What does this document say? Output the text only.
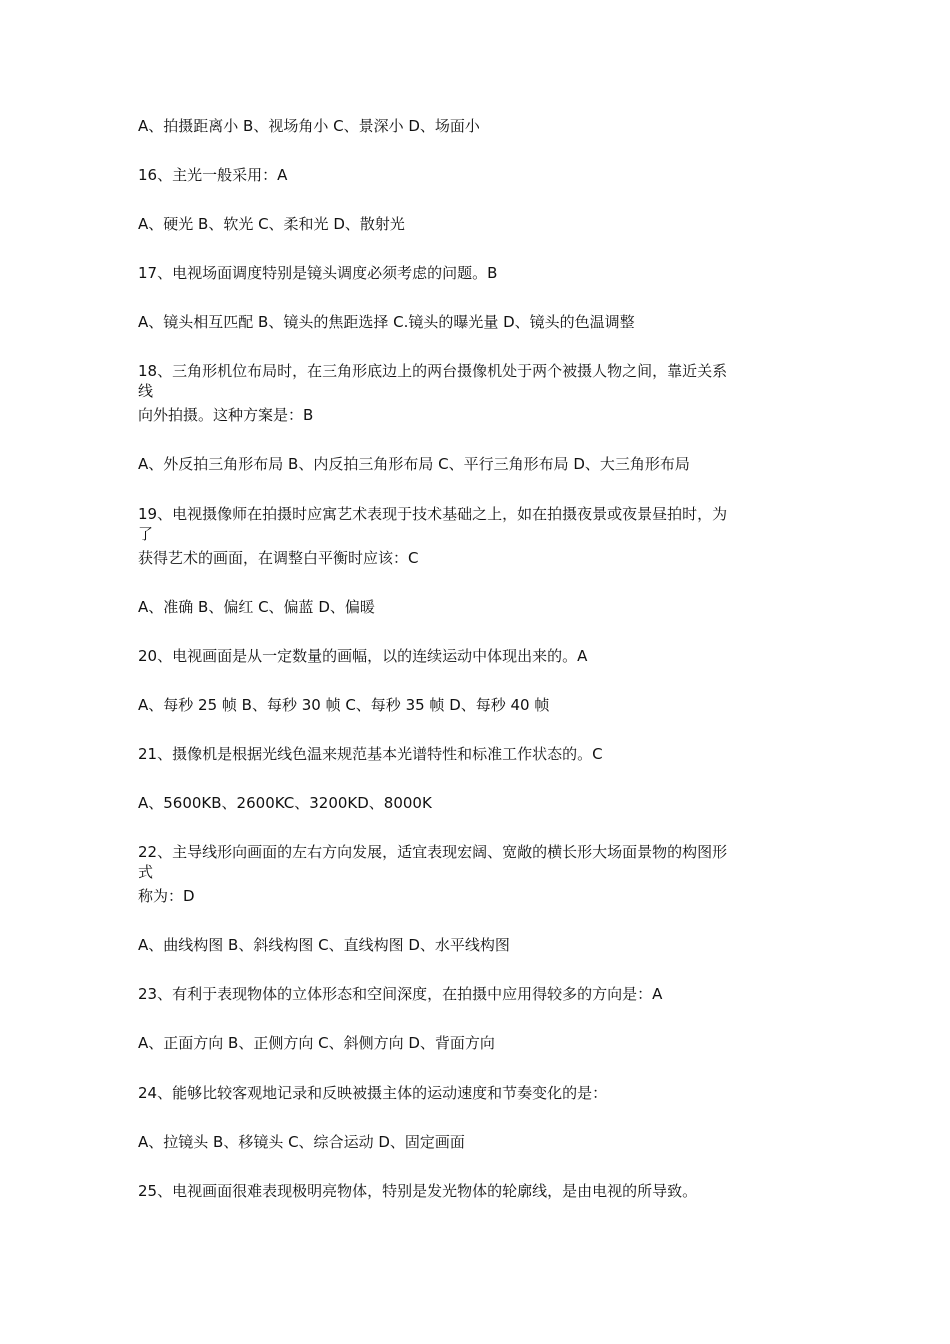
A、拍摄距离小 B、视场角小 C、景深小 D、场面小
16、主光一般采用：A
A、硬光 B、软光 C、柔和光 D、散射光
17、电视场面调度特别是镜头调度必须考虑的问题。B
A、镜头相互匹配 B、镜头的焦距选择 C.镜头的曝光量 D、镜头的色温调整
18、三角形机位布局时，在三角形底边上的两台摄像机处于两个被摄人物之间，靠近关系
线
向外拍摄。这种方案是：B
A、外反拍三角形布局 B、内反拍三角形布局 C、平行三角形布局 D、大三角形布局
19、电视摄像师在拍摄时应寓艺术表现于技术基础之上，如在拍摄夜景或夜景昼拍时，为
了
获得艺术的画面，在调整白平衡时应该：C
A、准确 B、偏红 C、偏蓝 D、偏暖
20、电视画面是从一定数量的画幅，以的连续运动中体现出来的。A
A、每秒 25 帧 B、每秒 30 帧 C、每秒 35 帧 D、每秒 40 帧
21、摄像机是根据光线色温来规范基本光谱特性和标准工作状态的。C
A、5600KB、2600KC、3200KD、8000K
22、主导线形向画面的左右方向发展，适宜表现宏阔、宽敞的横长形大场面景物的构图形
式
称为：D
A、曲线构图 B、斜线构图 C、直线构图 D、水平线构图
23、有利于表现物体的立体形态和空间深度，在拍摄中应用得较多的方向是：A
A、正面方向 B、正侧方向 C、斜侧方向 D、背面方向
24、能够比较客观地记录和反映被摄主体的运动速度和节奏变化的是：
A、拉镜头 B、移镜头 C、综合运动 D、固定画面
25、电视画面很难表现极明亮物体，特别是发光物体的轮廓线，是由电视的所导致。
